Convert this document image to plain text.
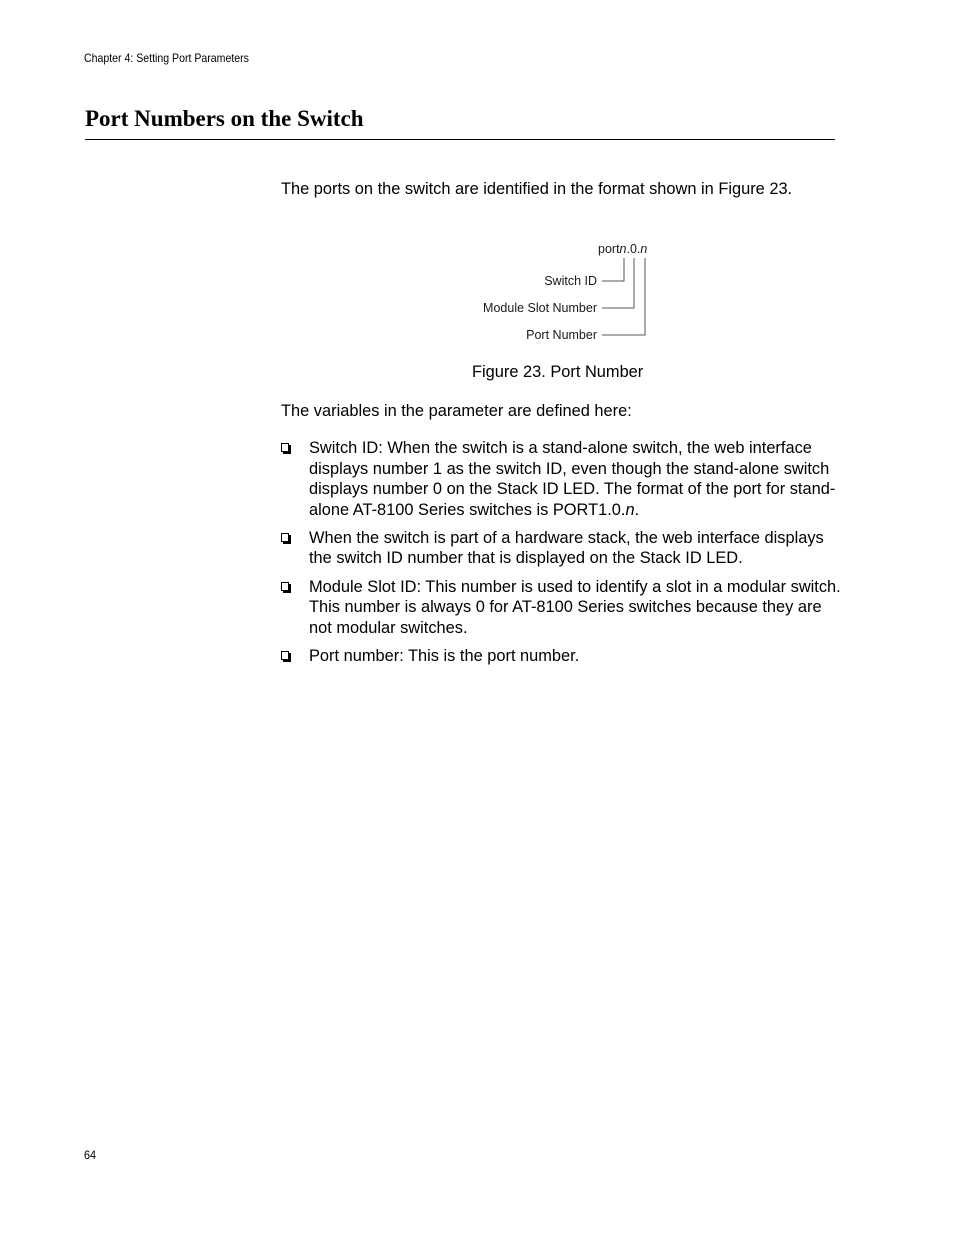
Chapter 4: Setting Port Parameters
Port Numbers on the Switch

The ports on the switch are identified in the format shown in Figure 23.

portn.0.n
Switch ID
Module Slot Number
Port Number
Figure 23. Port Number

The variables in the parameter are defined here:

Switch ID: When the switch is a stand-alone switch, the web interface displays number 1 as the switch ID, even though the stand-alone switch displays number 0 on the Stack ID LED. The format of the port for stand-alone AT-8100 Series switches is PORT1.0.n.
When the switch is part of a hardware stack, the web interface displays the switch ID number that is displayed on the Stack ID LED.
Module Slot ID: This number is used to identify a slot in a modular switch. This number is always 0 for AT-8100 Series switches because they are not modular switches.
Port number: This is the port number.
64
